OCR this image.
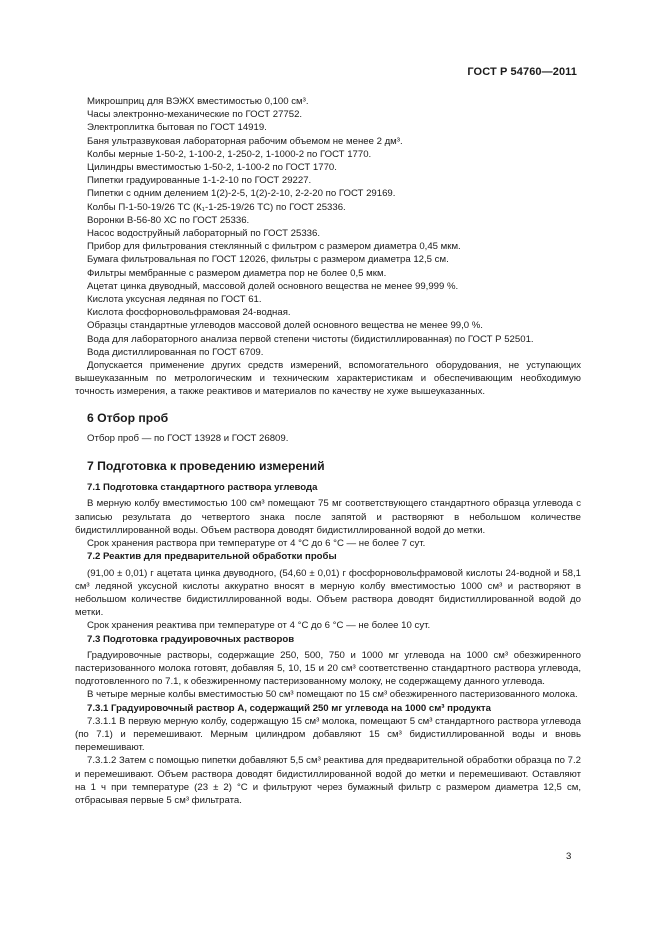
ГОСТ Р 54760—2011

Микрошприц для ВЭЖХ вместимостью 0,100 см³.

Часы электронно-механические по ГОСТ 27752.

Электроплитка бытовая по ГОСТ 14919.

Баня ультразвуковая лабораторная рабочим объемом не менее 2 дм³.

Колбы мерные 1-50-2, 1-100-2, 1-250-2, 1-1000-2 по ГОСТ 1770.

Цилиндры вместимостью 1-50-2, 1-100-2 по ГОСТ 1770.

Пипетки градуированные 1-1-2-10 по ГОСТ 29227.

Пипетки с одним делением 1(2)-2-5, 1(2)-2-10, 2-2-20 по ГОСТ 29169.

Колбы П-1-50-19/26 ТС (К₁-1-25-19/26 ТС) по ГОСТ 25336.

Воронки В-56-80 ХС по ГОСТ 25336.

Насос водоструйный лабораторный по ГОСТ 25336.

Прибор для фильтрования стеклянный с фильтром с размером диаметра 0,45 мкм.

Бумага фильтровальная по ГОСТ 12026, фильтры с размером диаметра 12,5 см.

Фильтры мембранные с размером диаметра пор не более 0,5 мкм.

Ацетат цинка двуводный, массовой долей основного вещества не менее 99,999 %.

Кислота уксусная ледяная по ГОСТ 61.

Кислота фосфорновольфрамовая 24-водная.

Образцы стандартные углеводов массовой долей основного вещества не менее 99,0 %.

Вода для лабораторного анализа первой степени чистоты (бидистиллированная) по ГОСТ Р 52501.

Вода дистиллированная по ГОСТ 6709.

Допускается применение других средств измерений, вспомогательного оборудования, не уступающих вышеуказанным по метрологическим и техническим характеристикам и обеспечивающим необходимую точность измерения, а также реактивов и материалов по качеству не хуже вышеуказанных.

6 Отбор проб

Отбор проб — по ГОСТ 13928 и ГОСТ 26809.

7 Подготовка к проведению измерений

7.1 Подготовка стандартного раствора углевода

В мерную колбу вместимостью 100 см³ помещают 75 мг соответствующего стандартного образца углевода с записью результата до четвертого знака после запятой и растворяют в небольшом количестве бидистиллированной воды. Объем раствора доводят бидистиллированной водой до метки.

Срок хранения раствора при температуре от 4 °С до 6 °С — не более 7 сут.

7.2 Реактив для предварительной обработки пробы

(91,00 ± 0,01) г ацетата цинка двуводного, (54,60 ± 0,01) г фосфорновольфрамовой кислоты 24-водной и 58,1 см³ ледяной уксусной кислоты аккуратно вносят в мерную колбу вместимостью 1000 см³ и растворяют в небольшом количестве бидистиллированной воды. Объем раствора доводят бидистиллированной водой до метки.

Срок хранения реактива при температуре от 4 °С до 6 °С — не более 10 сут.

7.3 Подготовка градуировочных растворов

Градуировочные растворы, содержащие 250, 500, 750 и 1000 мг углевода на 1000 см³ обезжиренного пастеризованного молока готовят, добавляя 5, 10, 15 и 20 см³ соответственно стандартного раствора углевода, подготовленного по 7.1, к обезжиренному пастеризованному молоку, не содержащему данного углевода.

В четыре мерные колбы вместимостью 50 см³ помещают по 15 см³ обезжиренного пастеризованного молока.

7.3.1 Градуировочный раствор А, содержащий 250 мг углевода на 1000 см³ продукта

7.3.1.1 В первую мерную колбу, содержащую 15 см³ молока, помещают 5 см³ стандартного раствора углевода (по 7.1) и перемешивают. Мерным цилиндром добавляют 15 см³ бидистиллированной воды и вновь перемешивают.

7.3.1.2 Затем с помощью пипетки добавляют 5,5 см³ реактива для предварительной обработки образца по 7.2 и перемешивают. Объем раствора доводят бидистиллированной водой до метки и перемешивают. Оставляют на 1 ч при температуре (23 ± 2) °С и фильтруют через бумажный фильтр с размером диаметра 12,5 см, отбрасывая первые 5 см³ фильтрата.

3
